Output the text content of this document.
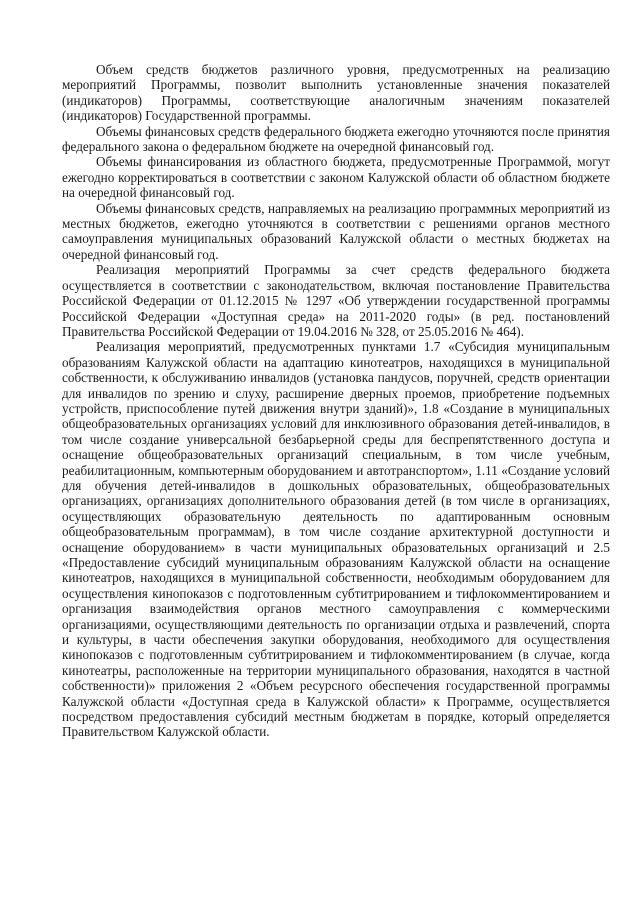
Объем средств бюджетов различного уровня, предусмотренных на реализацию мероприятий Программы, позволит выполнить установленные значения показателей (индикаторов) Программы, соответствующие аналогичным значениям показателей (индикаторов) Государственной программы.

Объемы финансовых средств федерального бюджета ежегодно уточняются после принятия федерального закона о федеральном бюджете на очередной финансовый год.

Объемы финансирования из областного бюджета, предусмотренные Программой, могут ежегодно корректироваться в соответствии с законом Калужской области об областном бюджете на очередной финансовый год.

Объемы финансовых средств, направляемых на реализацию программных мероприятий из местных бюджетов, ежегодно уточняются в соответствии с решениями органов местного самоуправления муниципальных образований Калужской области о местных бюджетах на очередной финансовый год.

Реализация мероприятий Программы за счет средств федерального бюджета осуществляется в соответствии с законодательством, включая постановление Правительства Российской Федерации от 01.12.2015 № 1297 «Об утверждении государственной программы Российской Федерации «Доступная среда» на 2011-2020 годы» (в ред. постановлений Правительства Российской Федерации от 19.04.2016 № 328, от 25.05.2016 № 464).

Реализация мероприятий, предусмотренных пунктами 1.7 «Субсидия муниципальным образованиям Калужской области на адаптацию кинотеатров, находящихся в муниципальной собственности, к обслуживанию инвалидов (установка пандусов, поручней, средств ориентации для инвалидов по зрению и слуху, расширение дверных проемов, приобретение подъемных устройств, приспособление путей движения внутри зданий)», 1.8 «Создание в муниципальных общеобразовательных организациях условий для инклюзивного образования детей-инвалидов, в том числе создание универсальной безбарьерной среды для беспрепятственного доступа и оснащение общеобразовательных организаций специальным, в том числе учебным, реабилитационным, компьютерным оборудованием и автотранспортом», 1.11 «Создание условий для обучения детей-инвалидов в дошкольных образовательных, общеобразовательных организациях, организациях дополнительного образования детей (в том числе в организациях, осуществляющих образовательную деятельность по адаптированным основным общеобразовательным программам), в том числе создание архитектурной доступности и оснащение оборудованием» в части муниципальных образовательных организаций и 2.5 «Предоставление субсидий муниципальным образованиям Калужской области на оснащение кинотеатров, находящихся в муниципальной собственности, необходимым оборудованием для осуществления кинопоказов с подготовленным субтитрированием и тифлокомментированием и организация взаимодействия органов местного самоуправления с коммерческими организациями, осуществляющими деятельность по организации отдыха и развлечений, спорта и культуры, в части обеспечения закупки оборудования, необходимого для осуществления кинопоказов с подготовленным субтитрированием и тифлокомментированием (в случае, когда кинотеатры, расположенные на территории муниципального образования, находятся в частной собственности)» приложения 2 «Объем ресурсного обеспечения государственной программы Калужской области «Доступная среда в Калужской области» к Программе, осуществляется посредством предоставления субсидий местным бюджетам в порядке, который определяется Правительством Калужской области.
